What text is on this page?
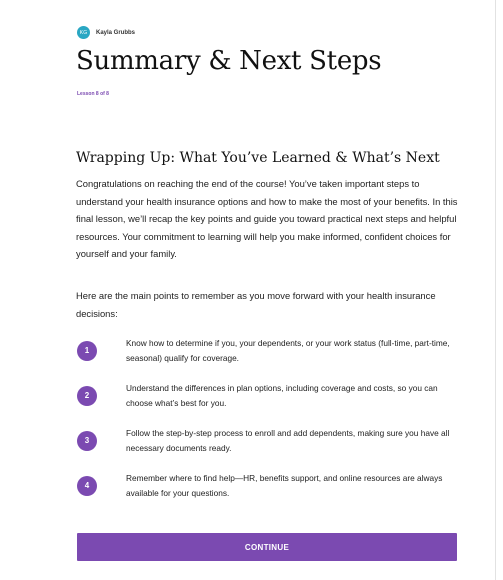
KG	Kayla Grubbs
Summary & Next Steps
Lesson 8 of 8
Wrapping Up: What You’ve Learned & What’s Next

Congratulations on reaching the end of the course! You’ve taken important steps to understand your health insurance options and how to make the most of your benefits. In this final lesson, we’ll recap the key points and guide you toward practical next steps and helpful resources. Your commitment to learning will help you make informed, confident choices for yourself and your family.

Here are the main points to remember as you move forward with your health insurance decisions:

1
Know how to determine if you, your dependents, or your work status (full-time, part-time, seasonal) qualify for coverage.
2
Understand the differences in plan options, including coverage and costs, so you can choose what’s best for you.
3
Follow the step-by-step process to enroll and add dependents, making sure you have all necessary documents ready.
4
Remember where to find help—HR, benefits support, and online resources are always available for your questions.
CONTINUE
